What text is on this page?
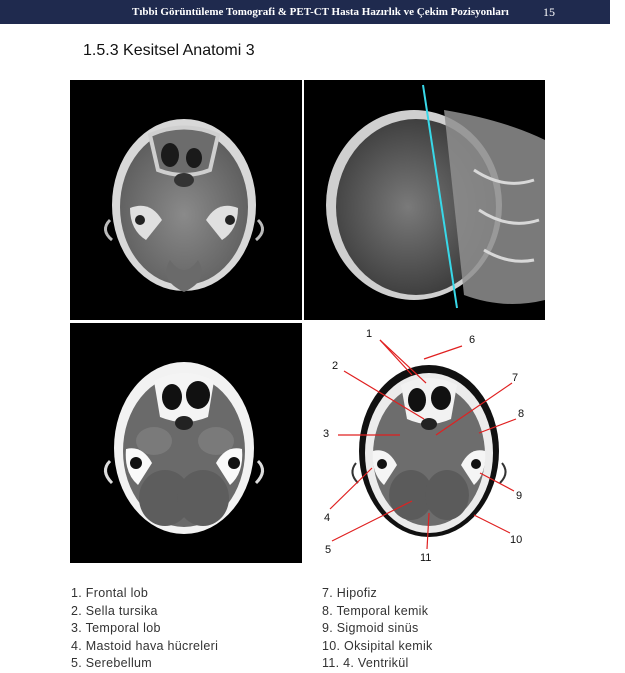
Tıbbi Görüntüleme Tomografi & PET-CT Hasta Hazırlık ve Çekim Pozisyonları	15
1.5.3 Kesitsel Anatomi 3
1
2
3
4
5
6
7
8
9
10
11
1. Frontal lob
2. Sella tursika
3. Temporal lob
4. Mastoid hava hücreleri
5. Serebellum
7. Hipofiz
8. Temporal kemik
9. Sigmoid sinüs
10. Oksipital kemik
11. 4. Ventrikül
